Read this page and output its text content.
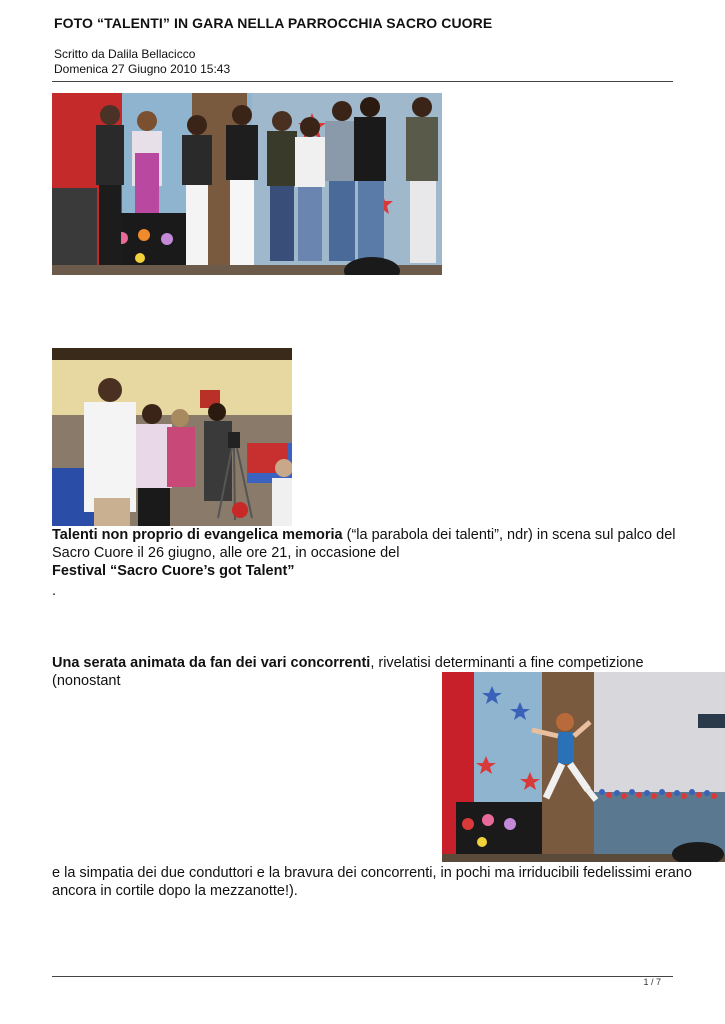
FOTO “TALENTI” IN GARA NELLA PARROCCHIA SACRO CUORE
Scritto da Dalila Bellacicco
Domenica 27 Giugno 2010 15:43
Talenti non proprio di evangelica memoria (“la parabola dei talenti”, ndr) in scena sul palco del Sacro Cuore il 26 giugno, alle ore 21, in occasione del
Festival “Sacro Cuore’s got Talent”
.
Una serata animata da fan dei vari concorrenti, rivelatisi determinanti a fine competizione (nonostant
e la simpatia dei due conduttori e la bravura dei concorrenti, in pochi ma irriducibili fedelissimi erano ancora in cortile dopo la mezzanotte!).
1 / 7
